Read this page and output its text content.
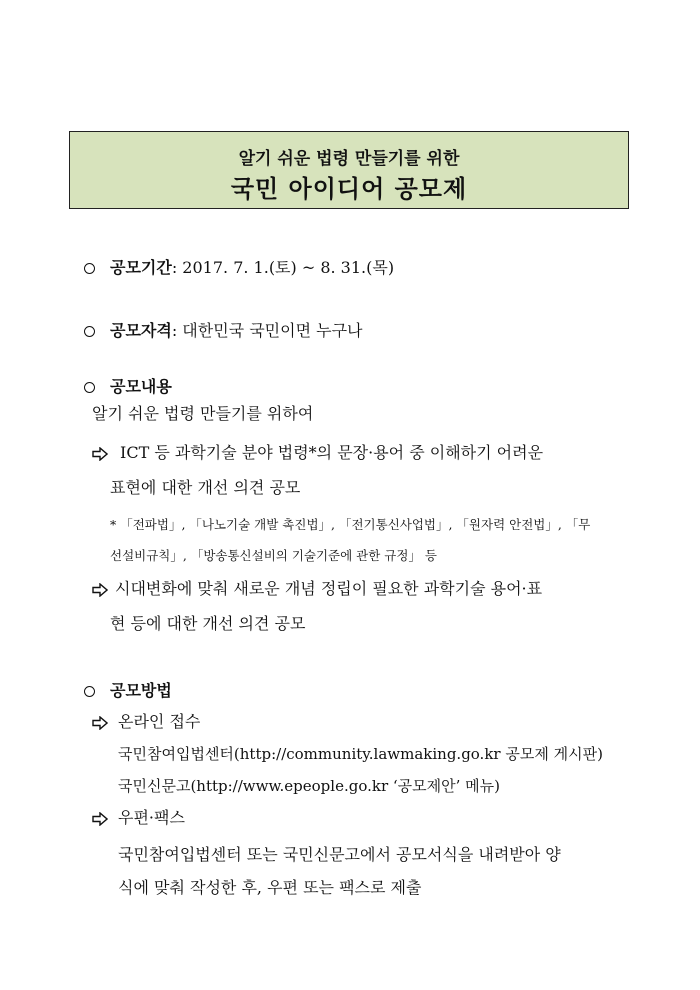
알기 쉬운 법령 만들기를 위한
국민 아이디어 공모제
공모기간: 2017. 7. 1.(토) ~ 8. 31.(목)
공모자격: 대한민국 국민이면 누구나
공모내용
알기 쉬운 법령 만들기를 위하여
ICT 등 과학기술 분야 법령*의 문장·용어 중 이해하기 어려운
표현에 대한 개선 의견 공모
* 「전파법」, 「나노기술 개발 촉진법」, 「전기통신사업법」, 「원자력 안전법」, 「무
선설비규칙」, 「방송통신설비의 기술기준에 관한 규정」 등
시대변화에 맞춰 새로운 개념 정립이 필요한 과학기술 용어·표
현 등에 대한 개선 의견 공모
공모방법
온라인 접수
국민참여입법센터(http://community.lawmaking.go.kr 공모제 게시판)
국민신문고(http://www.epeople.go.kr ‘공모제안’ 메뉴)
우편·팩스
국민참여입법센터 또는 국민신문고에서 공모서식을 내려받아 양
식에 맞춰 작성한 후, 우편 또는 팩스로 제출
